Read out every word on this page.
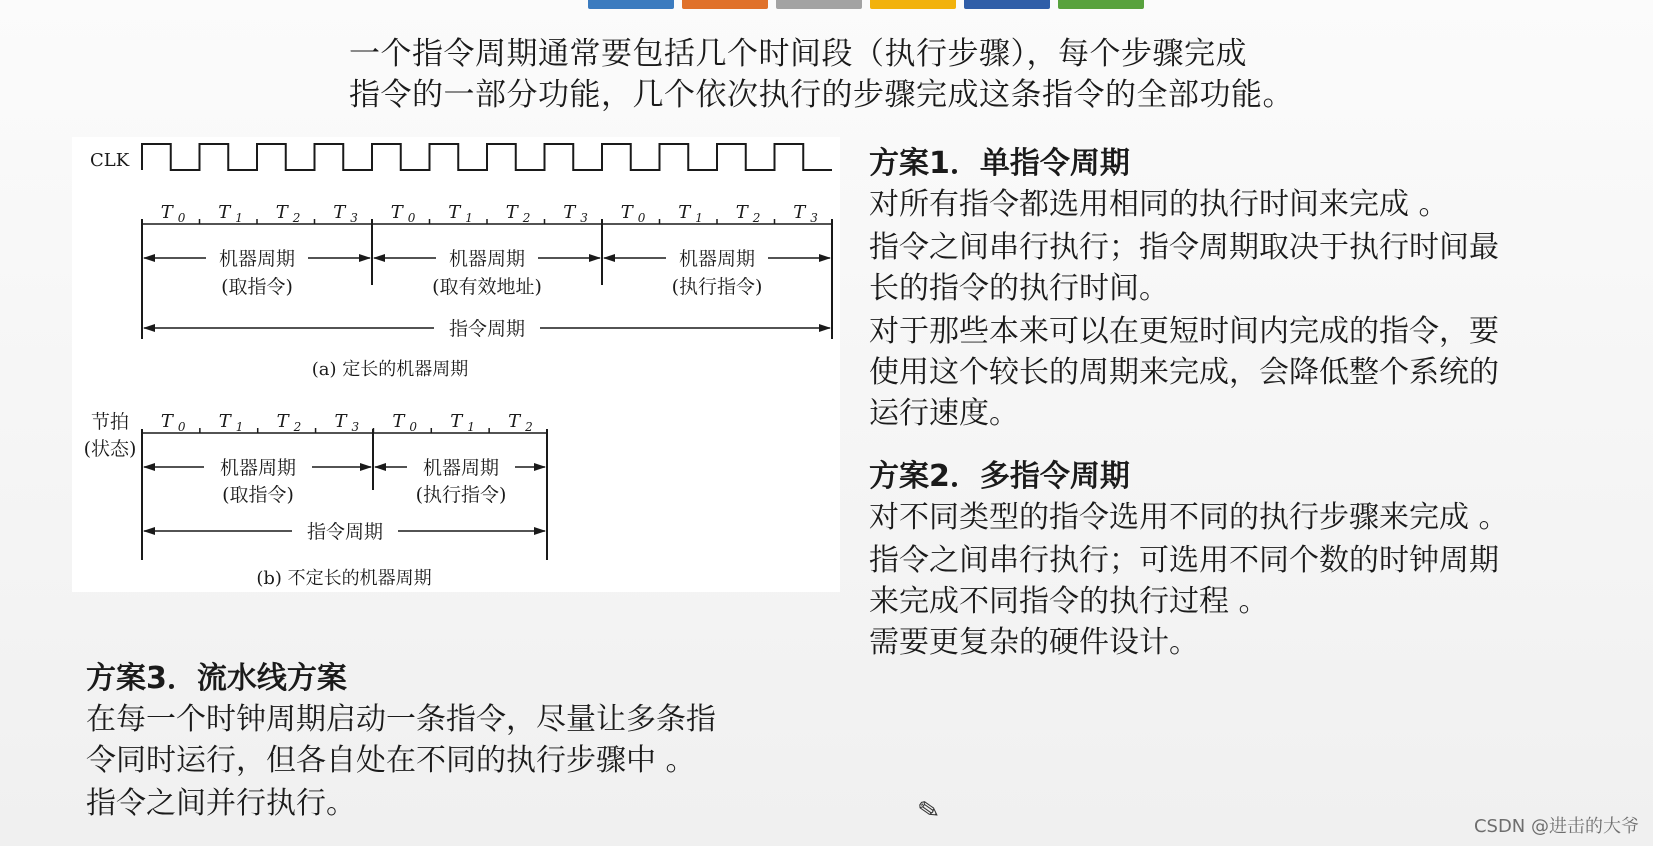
一个指令周期通常要包括几个时间段（执行步骤），每个步骤完成
指令的一部分功能，几个依次执行的步骤完成这条指令的全部功能。
CLK
T 0 T 1 T 2 T 3 T 0 T 1 T 2 T 3 T 0 T 1 T 2 T 3
机器周期
(取指令)
机器周期
(取有效地址)
机器周期
(执行指令)
指令周期
(a) 定长的机器周期
节拍
(状态)
T 0 T 1 T 2 T 3 T 0 T 1 T 2
机器周期
(取指令)
机器周期
(执行指令)
指令周期
(b) 不定长的机器周期
方案1．单指令周期

对所有指令都选用相同的执行时间来完成 。

指令之间串行执行；指令周期取决于执行时间最

长的指令的执行时间。

对于那些本来可以在更短时间内完成的指令，要

使用这个较长的周期来完成，会降低整个系统的

运行速度。

方案2．多指令周期

对不同类型的指令选用不同的执行步骤来完成 。

指令之间串行执行；可选用不同个数的时钟周期

来完成不同指令的执行过程 。

需要更复杂的硬件设计。

方案3．流水线方案

在每一个时钟周期启动一条指令，尽量让多条指

令同时运行，但各自处在不同的执行步骤中 。

指令之间并行执行。	✎	CSDN @进击的大爷
